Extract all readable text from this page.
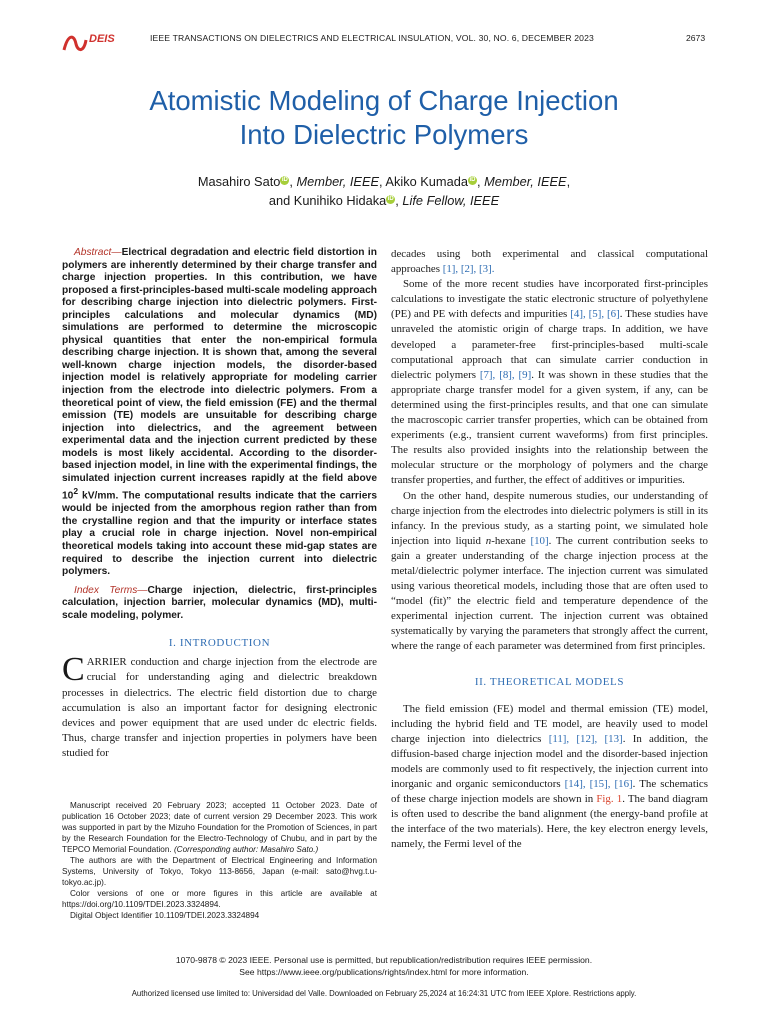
DEIS	IEEE TRANSACTIONS ON DIELECTRICS AND ELECTRICAL INSULATION, VOL. 30, NO. 6, DECEMBER 2023	2673
Atomistic Modeling of Charge Injection
Into Dielectric Polymers
Masahiro Sato iD , Member, IEEE, Akiko Kumada iD , Member, IEEE,
and Kunihiko Hidaka iD , Life Fellow, IEEE

Abstract—Electrical degradation and electric field distortion in polymers are inherently determined by their charge transfer and charge injection properties. In this contribution, we have proposed a first-principles-based multi-scale modeling approach for describing charge injection into dielectric polymers. First-principles calculations and molecular dynamics (MD) simulations are performed to determine the microscopic physical quantities that enter the non-empirical formula describing charge injection. It is shown that, among the several well-known charge injection models, the disorder-based injection model is relatively appropriate for modeling carrier injection from the electrode into dielectric polymers. From a theoretical point of view, the field emission (FE) and the thermal emission (TE) models are unsuitable for describing charge injection into dielectrics, and the agreement between experimental data and the injection current predicted by these models is most likely accidental. According to the disorder-based injection model, in line with the experimental findings, the simulated injection current increases rapidly at the field above $10^2$ kV/mm. The computational results indicate that the carriers would be injected from the amorphous region rather than from the crystalline region and that the impurity or interface states play a crucial role in charge injection. Novel non-empirical theoretical models taking into account these mid-gap states are required to describe the injection current into dielectric polymers.

Index Terms—Charge injection, dielectric, first-principles calculation, injection barrier, molecular dynamics (MD), multi-scale modeling, polymer.

I. INTRODUCTION

CARRIER conduction and charge injection from the electrode are crucial for understanding aging and dielectric breakdown processes in dielectrics. The electric field distortion due to charge accumulation is also an important factor for designing electronic devices and power equipment that are used under dc electric fields. Thus, charge transfer and injection properties in polymers have been studied for

Manuscript received 20 February 2023; accepted 11 October 2023. Date of publication 16 October 2023; date of current version 29 December 2023. This work was supported in part by the Mizuho Foundation for the Promotion of Sciences, in part by the Research Foundation for the Electro-Technology of Chubu, and in part by the TEPCO Memorial Foundation. (Corresponding author: Masahiro Sato.)

The authors are with the Department of Electrical Engineering and Information Systems, University of Tokyo, Tokyo 113-8656, Japan (e-mail: sato@hvg.t.u-tokyo.ac.jp).

Color versions of one or more figures in this article are available at https://doi.org/10.1109/TDEI.2023.3324894.

Digital Object Identifier 10.1109/TDEI.2023.3324894

decades using both experimental and classical computational approaches [1], [2], [3].

Some of the more recent studies have incorporated first-principles calculations to investigate the static electronic structure of polyethylene (PE) and PE with defects and impurities [4], [5], [6]. These studies have unraveled the atomistic origin of charge traps. In addition, we have developed a parameter-free first-principles-based multi-scale computational approach that can simulate carrier conduction in dielectric polymers [7], [8], [9]. It was shown in these studies that the appropriate charge transfer model for a given system, if any, can be determined using the first-principles results, and that one can simulate the macroscopic carrier transfer properties, which can be obtained from experiments (e.g., transient current waveforms) from first principles. The results also provided insights into the relationship between the molecular structure or the morphology of polymers and the charge transfer properties, and further, the effect of additives or impurities.

On the other hand, despite numerous studies, our understanding of charge injection from the electrodes into dielectric polymers is still in its infancy. In the previous study, as a starting point, we simulated hole injection into liquid n-hexane [10]. The current contribution seeks to gain a greater understanding of the charge injection process at the metal/dielectric polymer interface. The injection current was simulated using various theoretical models, including those that are often used to “model (fit)” the electric field and temperature dependence of the experimental injection current. The injection current was obtained systematically by varying the parameters that strongly affect the current, where the range of each parameter was determined from first principles.

II. THEORETICAL MODELS

The field emission (FE) model and thermal emission (TE) model, including the hybrid field and TE model, are heavily used to model charge injection into dielectrics [11], [12], [13]. In addition, the diffusion-based charge injection model and the disorder-based injection models are commonly used to fit respectively, the injection current into inorganic and organic semiconductors [14], [15], [16]. The schematics of these charge injection models are shown in Fig. 1. The band diagram is often used to describe the band alignment (the energy-band profile at the interface of the two materials). Here, the key electron energy levels, namely, the Fermi level of the

1070-9878 © 2023 IEEE. Personal use is permitted, but republication/redistribution requires IEEE permission.
See https://www.ieee.org/publications/rights/index.html for more information.
Authorized licensed use limited to: Universidad del Valle. Downloaded on February 25,2024 at 16:24:31 UTC from IEEE Xplore. Restrictions apply.
